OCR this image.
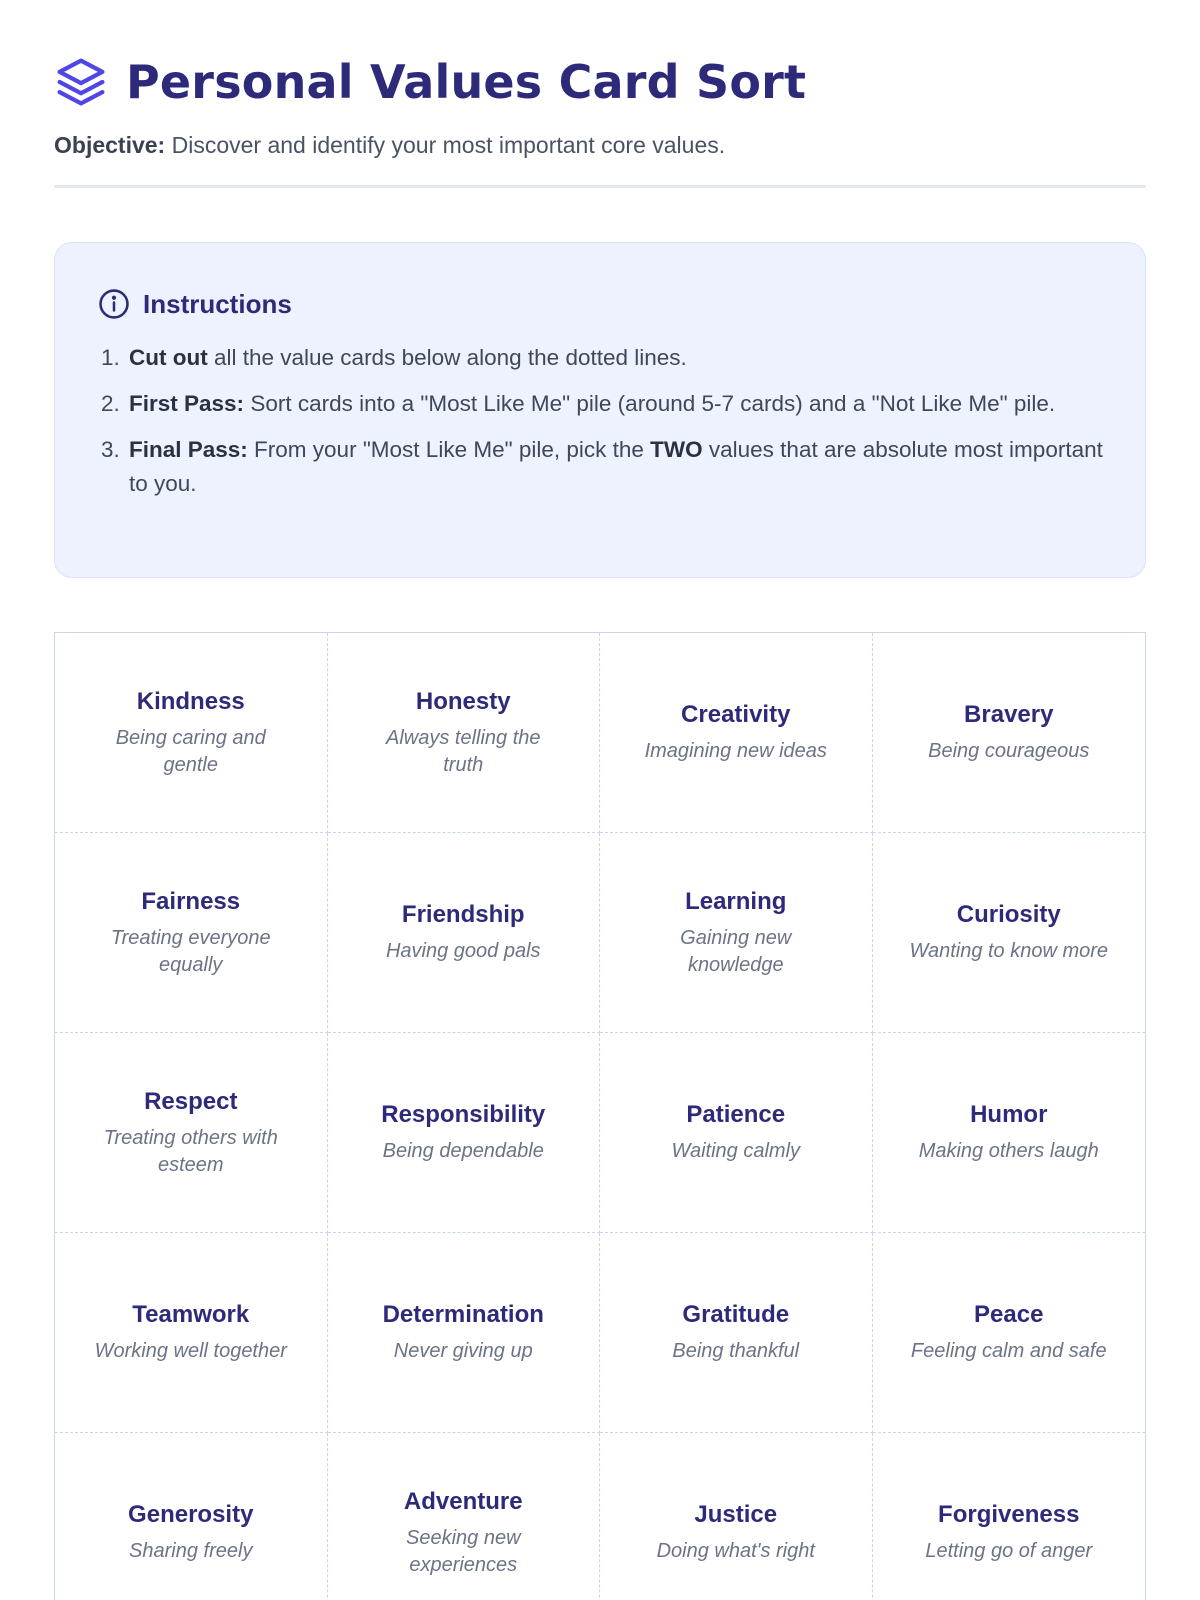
Personal Values Card Sort

Objective: Discover and identify your most important core values.

Instructions
1. Cut out all the value cards below along the dotted lines.
2. First Pass: Sort cards into a "Most Like Me" pile (around 5-7 cards) and a "Not Like Me" pile.
3. Final Pass: From your "Most Like Me" pile, pick the TWO values that are absolute most important to you.
Kindness
Being caring and gentle
Honesty
Always telling the truth
Creativity
Imagining new ideas
Bravery
Being courageous
Fairness
Treating everyone equally
Friendship
Having good pals
Learning
Gaining new knowledge
Curiosity
Wanting to know more
Respect
Treating others with esteem
Responsibility
Being dependable
Patience
Waiting calmly
Humor
Making others laugh
Teamwork
Working well together
Determination
Never giving up
Gratitude
Being thankful
Peace
Feeling calm and safe
Generosity
Sharing freely
Adventure
Seeking new experiences
Justice
Doing what's right
Forgiveness
Letting go of anger
